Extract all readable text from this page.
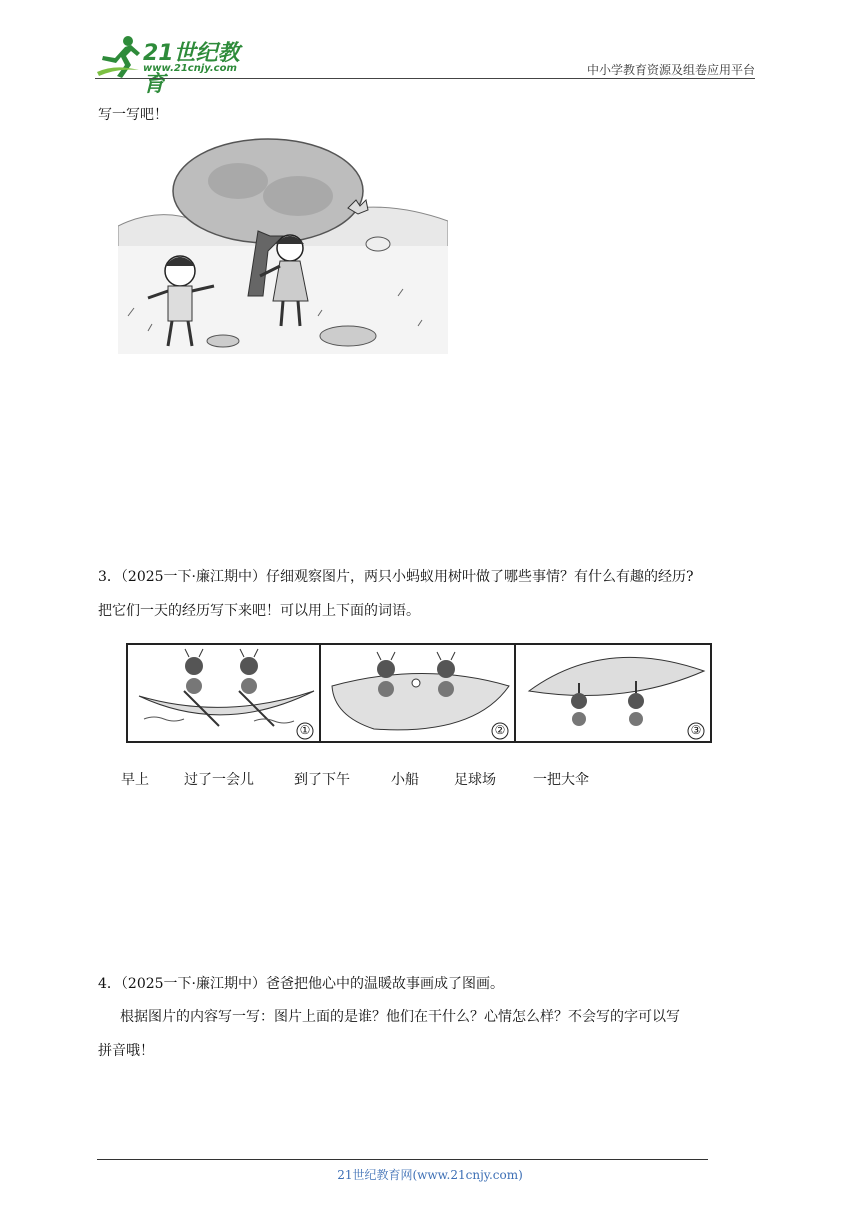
21世纪教育
www.21cnjy.com	中小学教育资源及组卷应用平台
写一写吧！
3．（2025一下·廉江期中）仔细观察图片，两只小蚂蚁用树叶做了哪些事情？有什么有趣的经历?
把它们一天的经历写下来吧！可以用上下面的词语。
①	②	③
早上	过了一会儿	到了下午	小船	足球场	一把大伞
4．（2025一下·廉江期中）爸爸把他心中的温暖故事画成了图画。
根据图片的内容写一写：图片上面的是谁？他们在干什么？心情怎么样？不会写的字可以写
拼音哦！
21世纪教育网(www.21cnjy.com)
